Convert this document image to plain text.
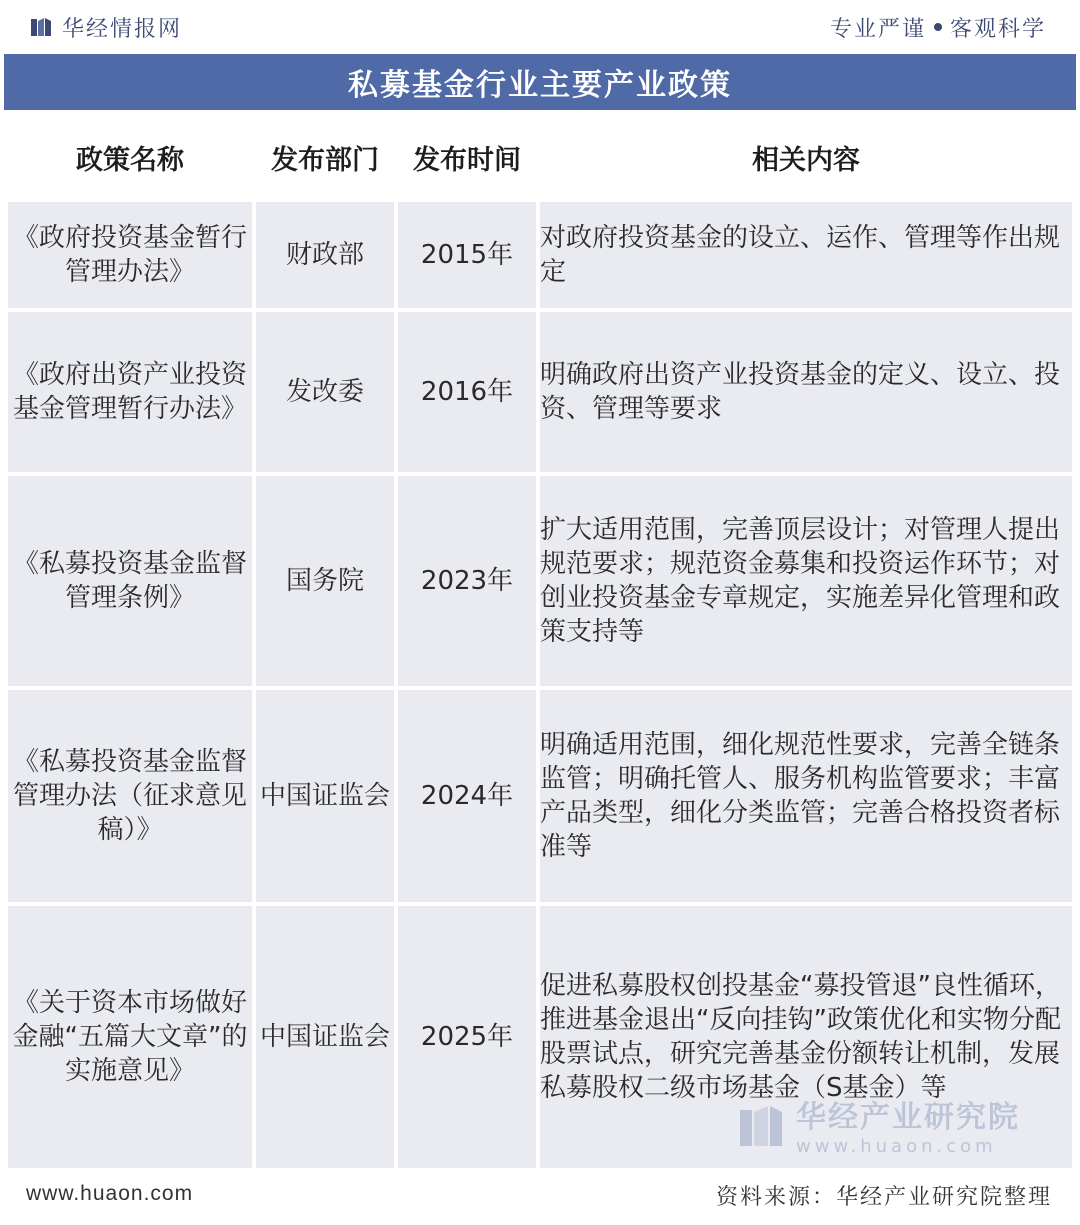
华经情报网	专业严谨 客观科学
私募基金行业主要产业政策
政策名称	发布部门	发布时间	相关内容
《政府投资基金暂行管理办法》	财政部	2015年	对政府投资基金的设立、运作、管理等作出规定
《政府出资产业投资基金管理暂行办法》	发改委	2016年	明确政府出资产业投资基金的定义、设立、投资、管理等要求
《私募投资基金监督管理条例》	国务院	2023年	扩大适用范围，完善顶层设计；对管理人提出规范要求；规范资金募集和投资运作环节；对创业投资基金专章规定，实施差异化管理和政策支持等
《私募投资基金监督管理办法（征求意见稿）》	中国证监会	2024年	明确适用范围，细化规范性要求，完善全链条监管；明确托管人、服务机构监管要求；丰富产品类型，细化分类监管；完善合格投资者标准等
《关于资本市场做好金融“五篇大文章”的实施意见》	中国证监会	2025年	促进私募股权创投基金“募投管退”良性循环，推进基金退出“反向挂钩”政策优化和实物分配股票试点，研究完善基金份额转让机制，发展私募股权二级市场基金（S基金）等
华经产业研究院
www.huaon.com
www.huaon.com	资料来源：华经产业研究院整理
